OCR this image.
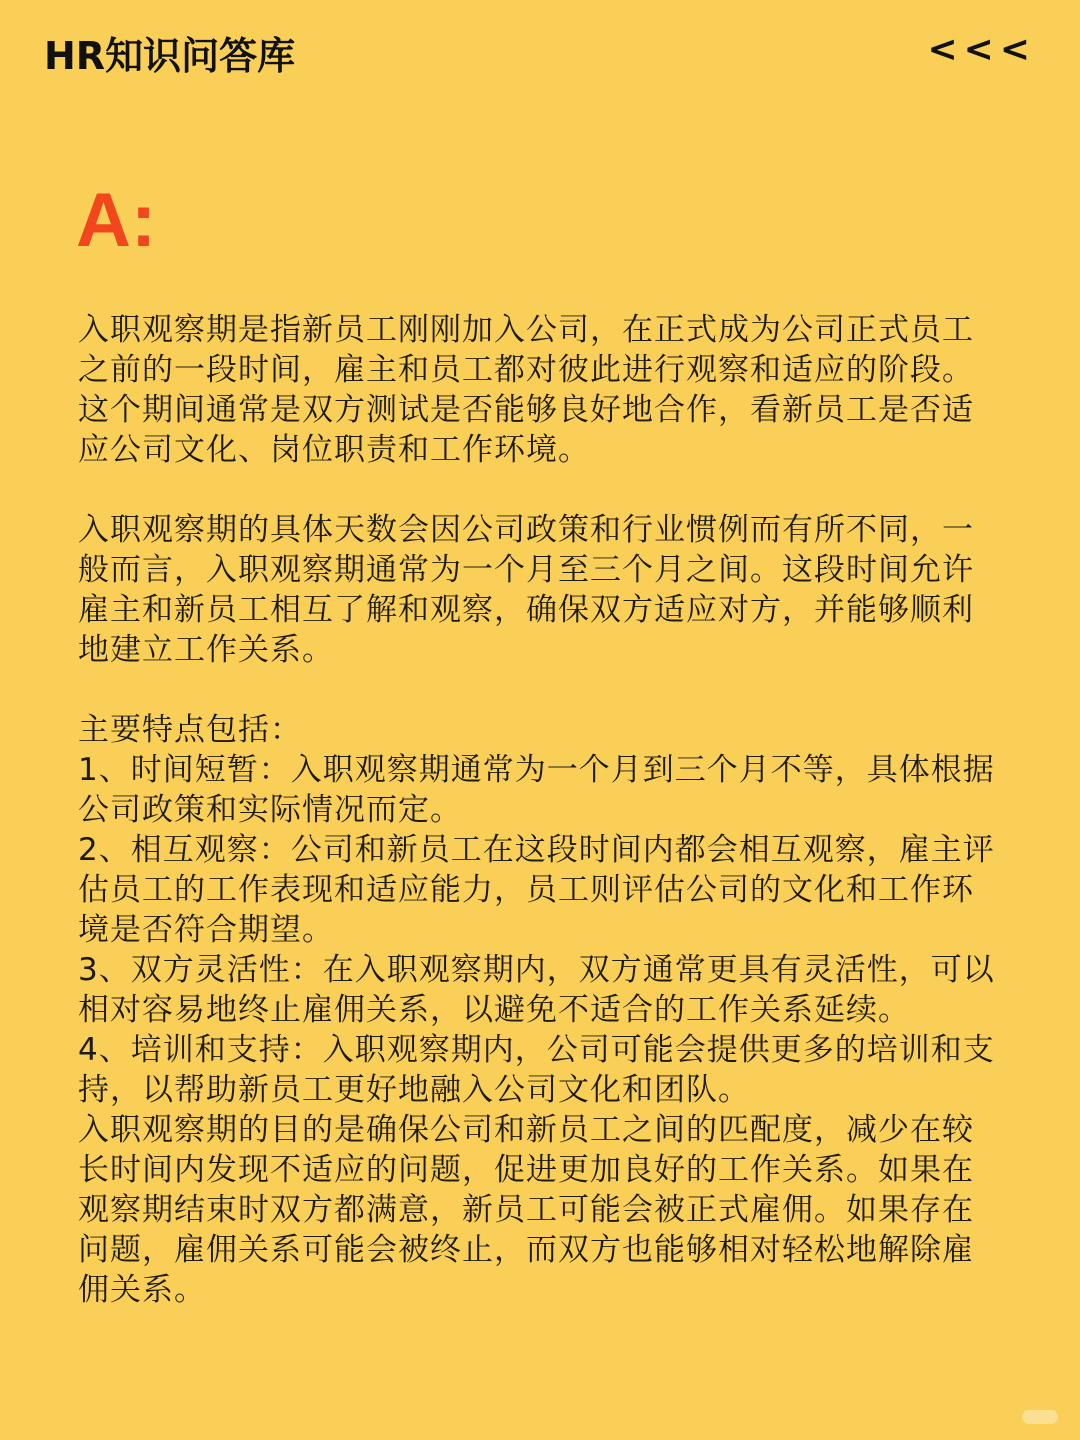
HR知识问答库	<<<
A:

入职观察期是指新员工刚刚加入公司，在正式成为公司正式员工之前的一段时间，雇主和员工都对彼此进行观察和适应的阶段。这个期间通常是双方测试是否能够良好地合作，看新员工是否适应公司文化、岗位职责和工作环境。

入职观察期的具体天数会因公司政策和行业惯例而有所不同，一般而言，入职观察期通常为一个月至三个月之间。这段时间允许雇主和新员工相互了解和观察，确保双方适应对方，并能够顺利地建立工作关系。

主要特点包括：

1、时间短暂：入职观察期通常为一个月到三个月不等，具体根据公司政策和实际情况而定。

2、相互观察：公司和新员工在这段时间内都会相互观察，雇主评估员工的工作表现和适应能力，员工则评估公司的文化和工作环境是否符合期望。

3、双方灵活性：在入职观察期内，双方通常更具有灵活性，可以相对容易地终止雇佣关系，以避免不适合的工作关系延续。

4、培训和支持：入职观察期内，公司可能会提供更多的培训和支持，以帮助新员工更好地融入公司文化和团队。

入职观察期的目的是确保公司和新员工之间的匹配度，减少在较长时间内发现不适应的问题，促进更加良好的工作关系。如果在观察期结束时双方都满意，新员工可能会被正式雇佣。如果存在问题，雇佣关系可能会被终止，而双方也能够相对轻松地解除雇佣关系。
